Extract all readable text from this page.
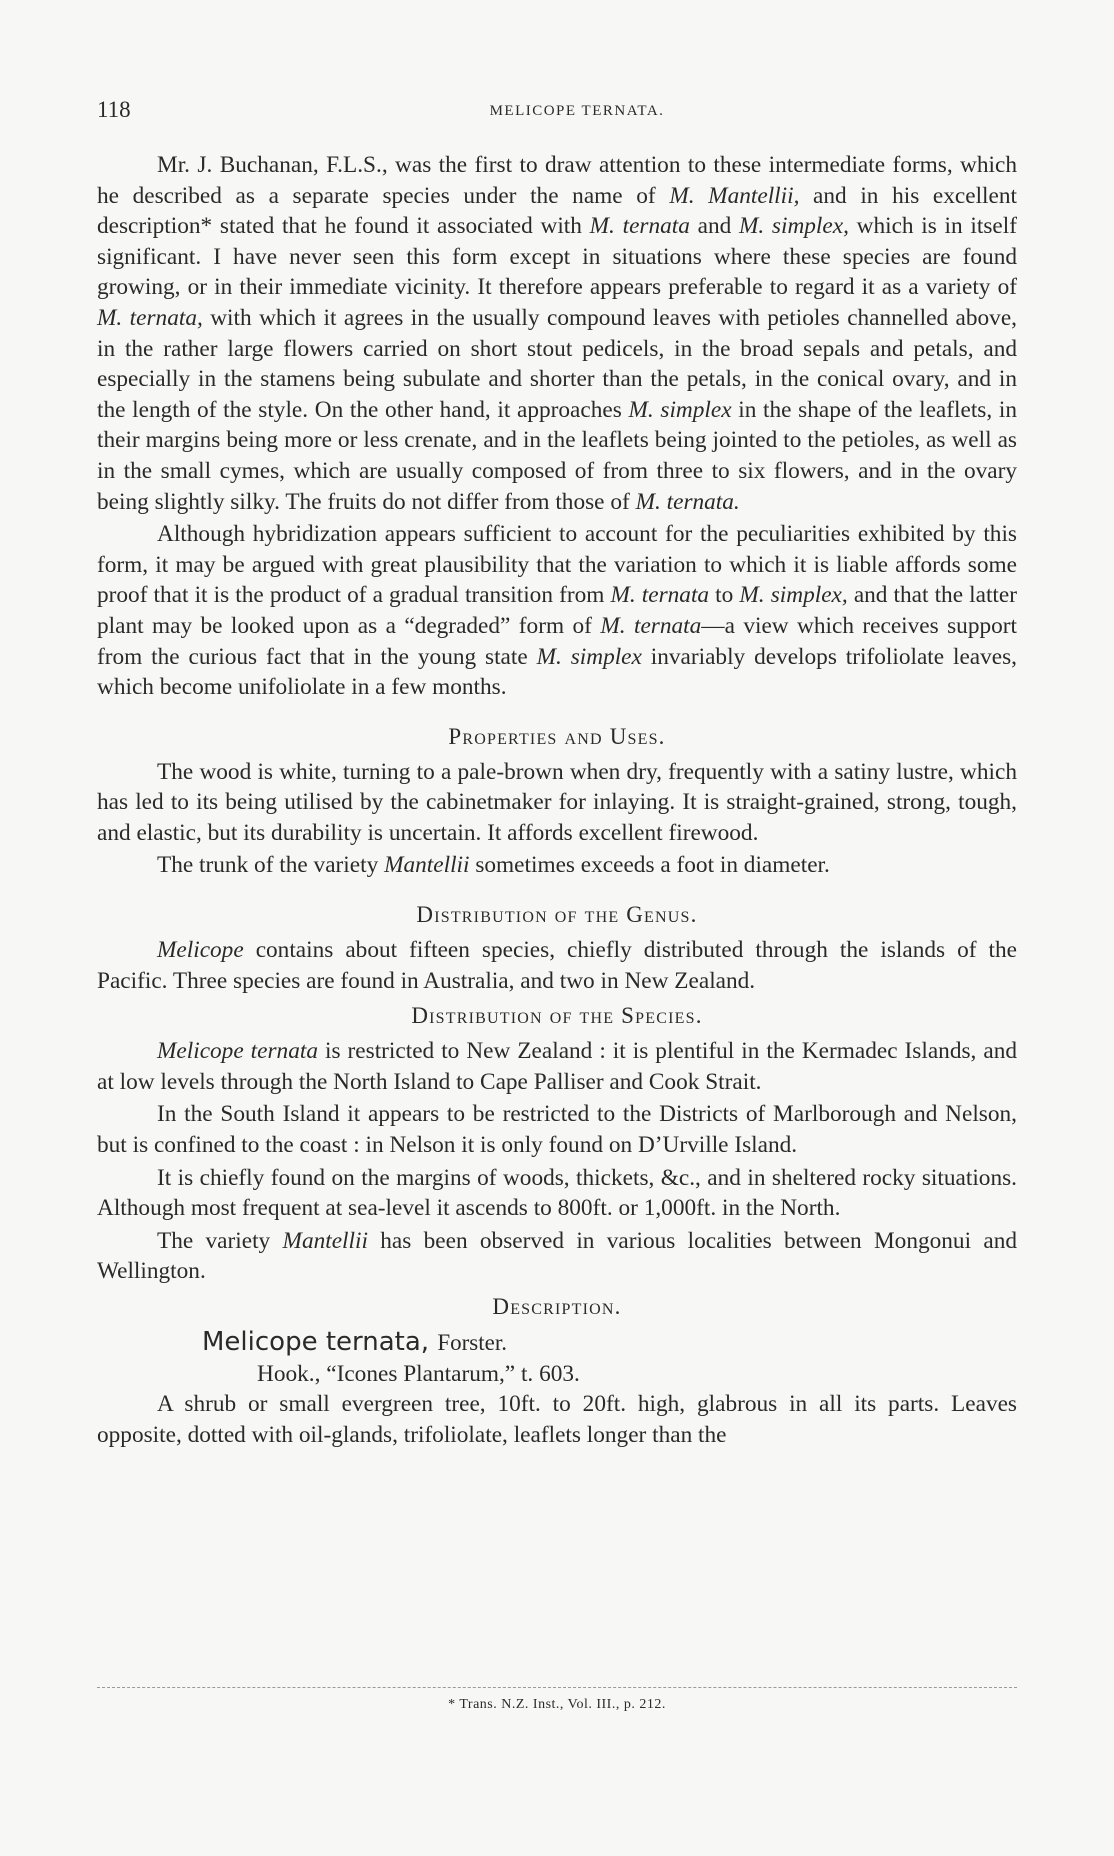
118	MELICOPE TERNATA.

Mr. J. Buchanan, F.L.S., was the first to draw attention to these intermediate forms, which he described as a separate species under the name of M. Mantellii, and in his excellent description* stated that he found it associated with M. ternata and M. simplex, which is in itself significant. I have never seen this form except in situations where these species are found growing, or in their immediate vicinity. It therefore appears preferable to regard it as a variety of M. ternata, with which it agrees in the usually compound leaves with petioles channelled above, in the rather large flowers carried on short stout pedicels, in the broad sepals and petals, and especially in the stamens being subulate and shorter than the petals, in the conical ovary, and in the length of the style. On the other hand, it approaches M. simplex in the shape of the leaflets, in their margins being more or less crenate, and in the leaflets being jointed to the petioles, as well as in the small cymes, which are usually composed of from three to six flowers, and in the ovary being slightly silky. The fruits do not differ from those of M. ternata.

Although hybridization appears sufficient to account for the peculiarities exhibited by this form, it may be argued with great plausibility that the variation to which it is liable affords some proof that it is the product of a gradual transition from M. ternata to M. simplex, and that the latter plant may be looked upon as a “degraded” form of M. ternata—a view which receives support from the curious fact that in the young state M. simplex invariably develops trifoliolate leaves, which become unifoliolate in a few months.

Properties and Uses.

The wood is white, turning to a pale-brown when dry, frequently with a satiny lustre, which has led to its being utilised by the cabinetmaker for inlaying. It is straight-grained, strong, tough, and elastic, but its durability is uncertain. It affords excellent firewood.

The trunk of the variety Mantellii sometimes exceeds a foot in diameter.

Distribution of the Genus.

Melicope contains about fifteen species, chiefly distributed through the islands of the Pacific. Three species are found in Australia, and two in New Zealand.

Distribution of the Species.

Melicope ternata is restricted to New Zealand : it is plentiful in the Kermadec Islands, and at low levels through the North Island to Cape Palliser and Cook Strait.

In the South Island it appears to be restricted to the Districts of Marlborough and Nelson, but is confined to the coast : in Nelson it is only found on D’Urville Island.

It is chiefly found on the margins of woods, thickets, &c., and in sheltered rocky situations. Although most frequent at sea-level it ascends to 800ft. or 1,000ft. in the North.

The variety Mantellii has been observed in various localities between Mongonui and Wellington.

Description.
Melicope ternata, Forster.
Hook., “Icones Plantarum,” t. 603.

A shrub or small evergreen tree, 10ft. to 20ft. high, glabrous in all its parts. Leaves opposite, dotted with oil-glands, trifoliolate, leaflets longer than the

* Trans. N.Z. Inst., Vol. III., p. 212.
